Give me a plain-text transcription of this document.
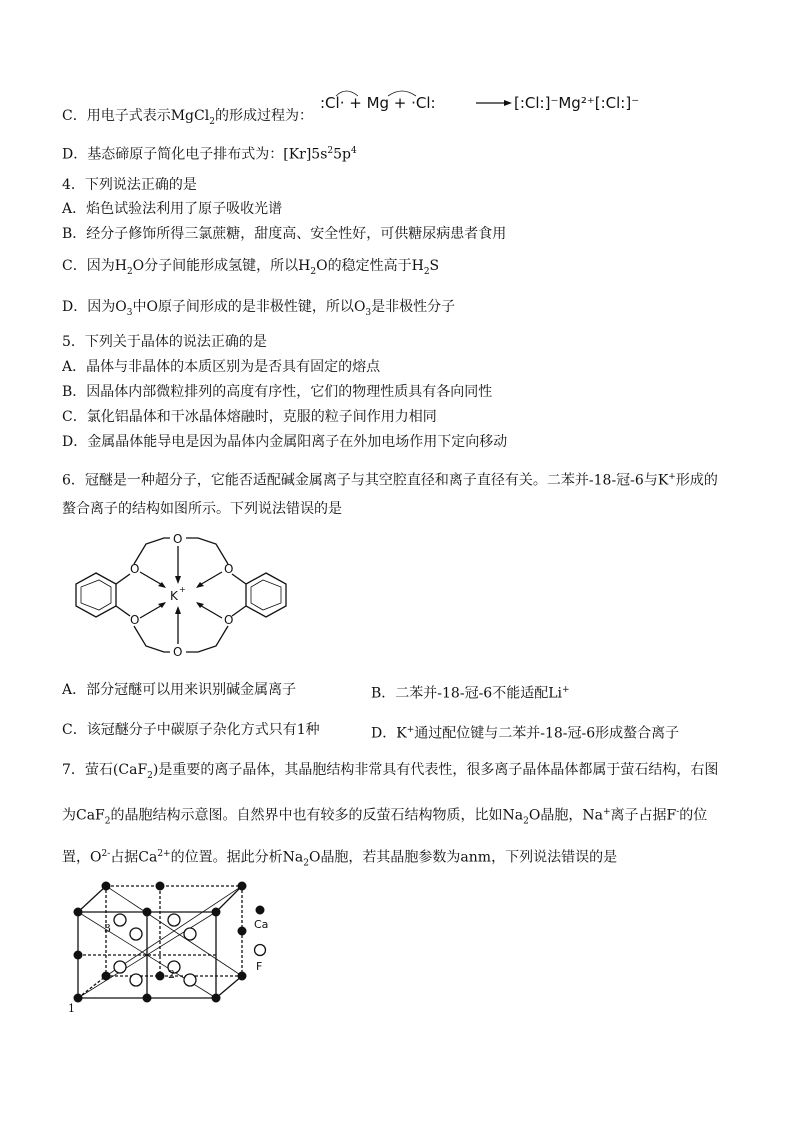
C．用电子式表示MgCl$_2$的形成过程为：
:Cl· + Mg + ·Cl:	[:Cl:]⁻Mg²⁺[:Cl:]⁻
D．基态碲原子简化电子排布式为：$[Kr]5s^25p^4$
4．下列说法正确的是
A．焰色试验法利用了原子吸收光谱
B．经分子修饰所得三氯蔗糖，甜度高、安全性好，可供糖尿病患者食用
C．因为$H_2O$分子间能形成氢键，所以$H_2O$的稳定性高于$H_2S$
D．因为$O_3$中O原子间形成的是非极性键，所以$O_3$是非极性分子
5．下列关于晶体的说法正确的是
A．晶体与非晶体的本质区别为是否具有固定的熔点
B．因晶体内部微粒排列的高度有序性，它们的物理性质具有各向同性
C．氯化铝晶体和干冰晶体熔融时，克服的粒子间作用力相同
D．金属晶体能导电是因为晶体内金属阳离子在外加电场作用下定向移动
6．冠醚是一种超分子，它能否适配碱金属离子与其空腔直径和离子直径有关。二苯并-18-冠-6与K+形成的
螯合离子的结构如图所示。下列说法错误的是
O
O
O
O
O
O
K +
A．部分冠醚可以用来识别碱金属离子	B．二苯并-18-冠-6不能适配Li+
C．该冠醚分子中碳原子杂化方式只有1种	D．K+通过配位键与二苯并-18-冠-6形成螯合离子
7．萤石(CaF$_2$)是重要的离子晶体，其晶胞结构非常具有代表性，很多离子晶体晶体都属于萤石结构，右图
为CaF$_2$的晶胞结构示意图。自然界中也有较多的反萤石结构物质，比如$Na_2O$晶胞，Na+离子占据F-的位
置，$O^{2-}$占据$Ca^{2+}$的位置。据此分析$Na_2O$晶胞，若其晶胞参数为anm，下列说法错误的是
Ca
F
1
2
3
